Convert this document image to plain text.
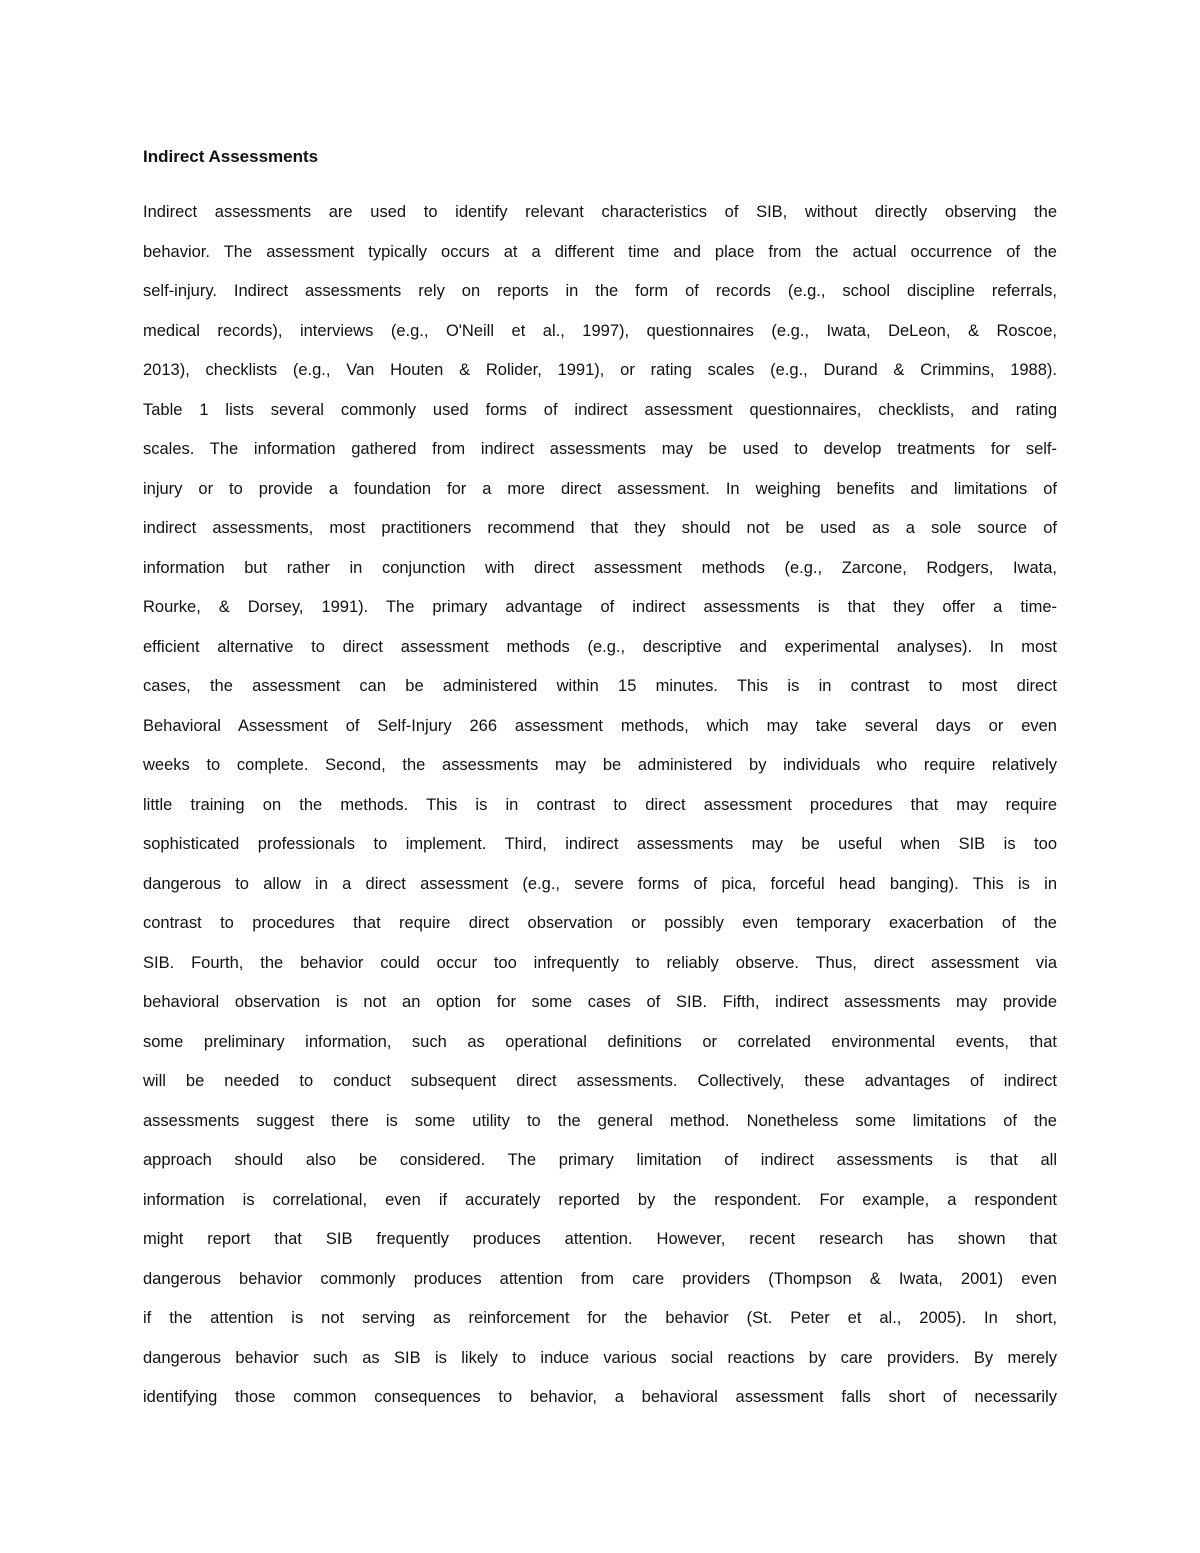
Indirect Assessments
Indirect assessments are used to identify relevant characteristics of SIB, without directly observing the
behavior. The assessment typically occurs at a different time and place from the actual occurrence of the
self-injury. Indirect assessments rely on reports in the form of records (e.g., school discipline referrals,
medical records), interviews (e.g., O'Neill et al., 1997), questionnaires (e.g., Iwata, DeLeon, & Roscoe,
2013), checklists (e.g., Van Houten & Rolider, 1991), or rating scales (e.g., Durand & Crimmins, 1988).
Table 1 lists several commonly used forms of indirect assessment questionnaires, checklists, and rating
scales. The information gathered from indirect assessments may be used to develop treatments for self-
injury or to provide a foundation for a more direct assessment. In weighing benefits and limitations of
indirect assessments, most practitioners recommend that they should not be used as a sole source of
information but rather in conjunction with direct assessment methods (e.g., Zarcone, Rodgers, Iwata,
Rourke, & Dorsey, 1991). The primary advantage of indirect assessments is that they offer a time-
efficient alternative to direct assessment methods (e.g., descriptive and experimental analyses). In most
cases, the assessment can be administered within 15 minutes. This is in contrast to most direct
Behavioral Assessment of Self-Injury 266 assessment methods, which may take several days or even
weeks to complete. Second, the assessments may be administered by individuals who require relatively
little training on the methods. This is in contrast to direct assessment procedures that may require
sophisticated professionals to implement. Third, indirect assessments may be useful when SIB is too
dangerous to allow in a direct assessment (e.g., severe forms of pica, forceful head banging). This is in
contrast to procedures that require direct observation or possibly even temporary exacerbation of the
SIB. Fourth, the behavior could occur too infrequently to reliably observe. Thus, direct assessment via
behavioral observation is not an option for some cases of SIB. Fifth, indirect assessments may provide
some preliminary information, such as operational definitions or correlated environmental events, that
will be needed to conduct subsequent direct assessments. Collectively, these advantages of indirect
assessments suggest there is some utility to the general method. Nonetheless some limitations of the
approach should also be considered. The primary limitation of indirect assessments is that all
information is correlational, even if accurately reported by the respondent. For example, a respondent
might report that SIB frequently produces attention. However, recent research has shown that
dangerous behavior commonly produces attention from care providers (Thompson & Iwata, 2001) even
if the attention is not serving as reinforcement for the behavior (St. Peter et al., 2005). In short,
dangerous behavior such as SIB is likely to induce various social reactions by care providers. By merely
identifying those common consequences to behavior, a behavioral assessment falls short of necessarily
